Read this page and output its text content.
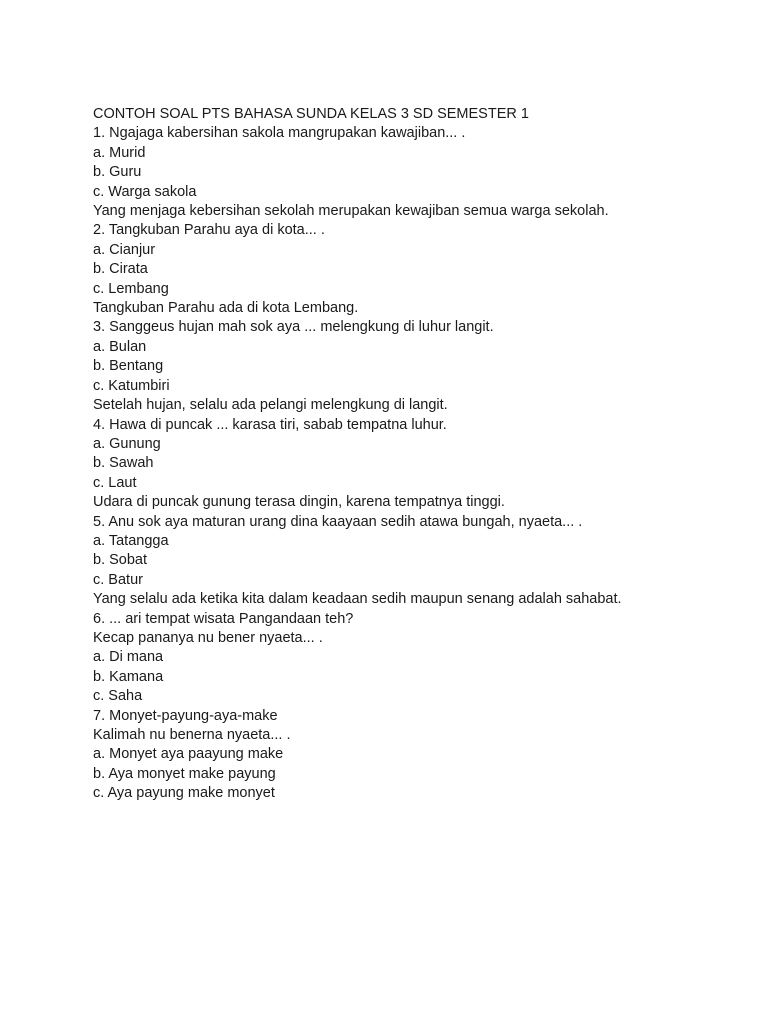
CONTOH SOAL PTS BAHASA SUNDA KELAS 3 SD SEMESTER 1

1. Ngajaga kabersihan sakola mangrupakan kawajiban... .

a. Murid

b. Guru

c. Warga sakola

Yang menjaga kebersihan sekolah merupakan kewajiban semua warga sekolah.

2. Tangkuban Parahu aya di kota... .

a. Cianjur

b. Cirata

c. Lembang

Tangkuban Parahu ada di kota Lembang.

3. Sanggeus hujan mah sok aya ... melengkung di luhur langit.

a. Bulan

b. Bentang

c. Katumbiri

Setelah hujan, selalu ada pelangi melengkung di langit.

4. Hawa di puncak ... karasa tiri, sabab tempatna luhur.

a. Gunung

b. Sawah

c. Laut

Udara di puncak gunung terasa dingin, karena tempatnya tinggi.

5. Anu sok aya maturan urang dina kaayaan sedih atawa bungah, nyaeta... .

a. Tatangga

b. Sobat

c. Batur

Yang selalu ada ketika kita dalam keadaan sedih maupun senang adalah sahabat.

6. ... ari tempat wisata Pangandaan teh?

Kecap pananya nu bener nyaeta... .

a. Di mana

b. Kamana

c. Saha

7. Monyet-payung-aya-make

Kalimah nu benerna nyaeta... .

a. Monyet aya paayung make

b. Aya monyet make payung

c. Aya payung make monyet
